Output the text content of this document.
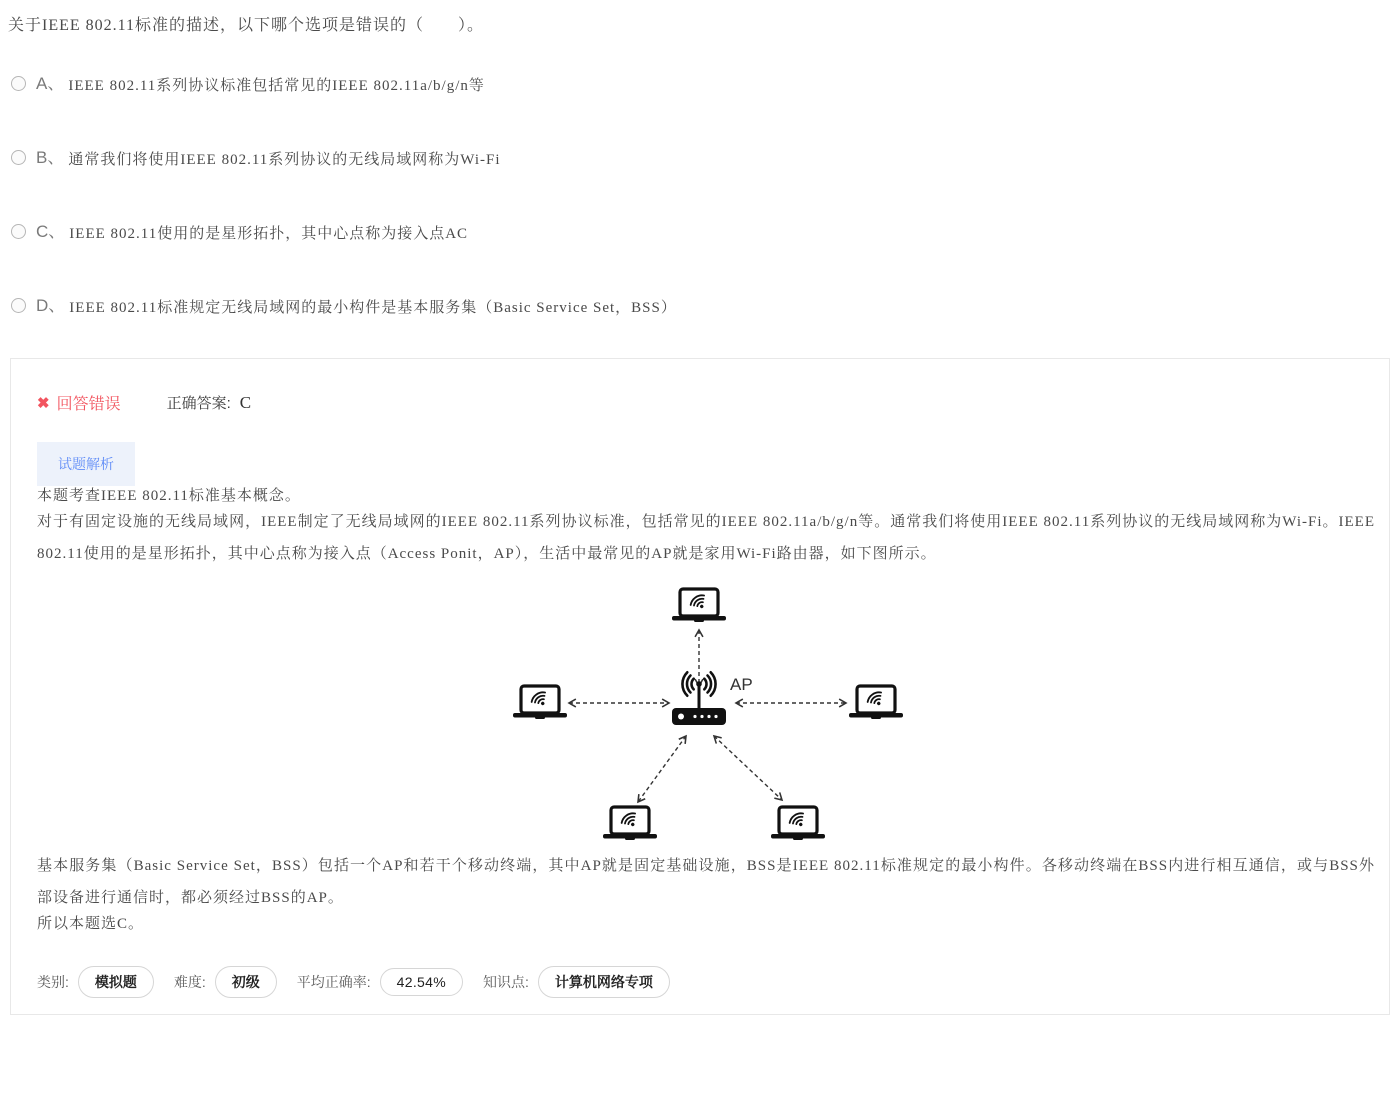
关于IEEE 802.11标准的描述，以下哪个选项是错误的（　　）。
A、 IEEE 802.11系列协议标准包括常见的IEEE 802.11a/b/g/n等
B、 通常我们将使用IEEE 802.11系列协议的无线局域网称为Wi-Fi
C、 IEEE 802.11使用的是星形拓扑，其中心点称为接入点AC
D、 IEEE 802.11标准规定无线局域网的最小构件是基本服务集（Basic Service Set，BSS）
✖ 回答错误	正确答案: C
试题解析

本题考查IEEE 802.11标准基本概念。

对于有固定设施的无线局域网，IEEE制定了无线局域网的IEEE 802.11系列协议标准，包括常见的IEEE 802.11a/b/g/n等。通常我们将使用IEEE 802.11系列协议的无线局域网称为Wi-Fi。IEEE 802.11使用的是星形拓扑，其中心点称为接入点（Access Ponit，AP），生活中最常见的AP就是家用Wi-Fi路由器，如下图所示。

AP

基本服务集（Basic Service Set，BSS）包括一个AP和若干个移动终端，其中AP就是固定基础设施，BSS是IEEE 802.11标准规定的最小构件。各移动终端在BSS内进行相互通信，或与BSS外部设备进行通信时，都必须经过BSS的AP。

所以本题选C。

类别:	模拟题	难度:	初级	平均正确率:	42.54%	知识点:	计算机网络专项
